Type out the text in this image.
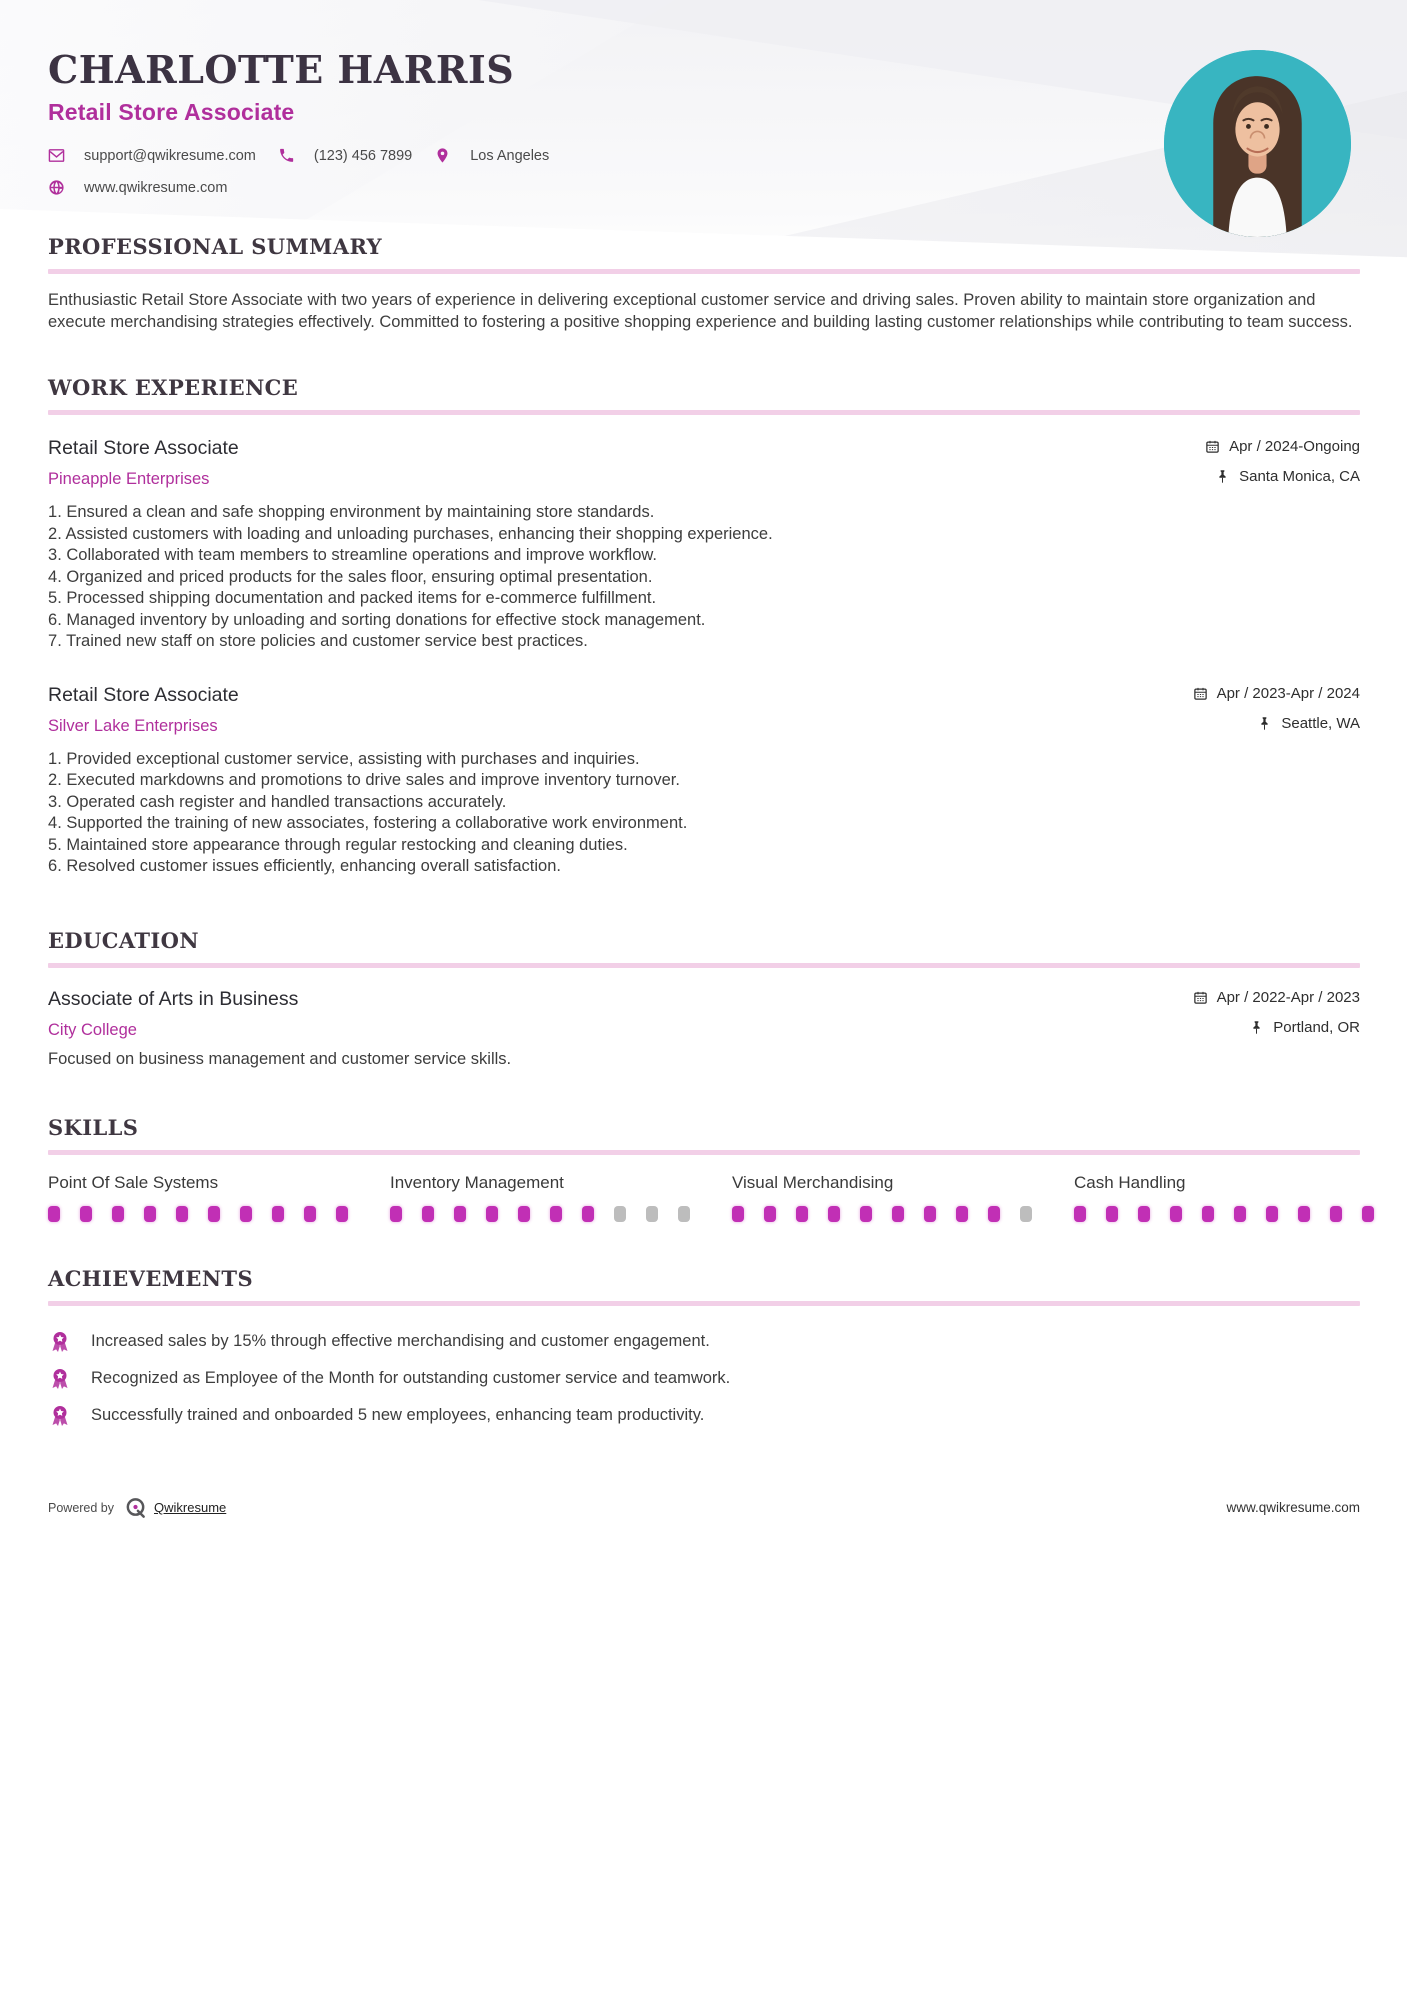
CHARLOTTE HARRIS
Retail Store Associate
support@qwikresume.com	(123) 456 7899	Los Angeles
www.qwikresume.com
PROFESSIONAL SUMMARY

Enthusiastic Retail Store Associate with two years of experience in delivering exceptional customer service and driving sales. Proven ability to maintain store organization and execute merchandising strategies effectively. Committed to fostering a positive shopping experience and building lasting customer relationships while contributing to team success.

WORK EXPERIENCE
Retail Store Associate	Apr / 2024-Ongoing
Pineapple Enterprises	Santa Monica, CA
Ensured a clean and safe shopping environment by maintaining store standards.
Assisted customers with loading and unloading purchases, enhancing their shopping experience.
Collaborated with team members to streamline operations and improve workflow.
Organized and priced products for the sales floor, ensuring optimal presentation.
Processed shipping documentation and packed items for e-commerce fulfillment.
Managed inventory by unloading and sorting donations for effective stock management.
Trained new staff on store policies and customer service best practices.
Retail Store Associate	Apr / 2023-Apr / 2024
Silver Lake Enterprises	Seattle, WA
Provided exceptional customer service, assisting with purchases and inquiries.
Executed markdowns and promotions to drive sales and improve inventory turnover.
Operated cash register and handled transactions accurately.
Supported the training of new associates, fostering a collaborative work environment.
Maintained store appearance through regular restocking and cleaning duties.
Resolved customer issues efficiently, enhancing overall satisfaction.
EDUCATION
Associate of Arts in Business	Apr / 2022-Apr / 2023
City College	Portland, OR
Focused on business management and customer service skills.
SKILLS
Point Of Sale Systems	Inventory Management	Visual Merchandising	Cash Handling
ACHIEVEMENTS
Increased sales by 15% through effective merchandising and customer engagement.
Recognized as Employee of the Month for outstanding customer service and teamwork.
Successfully trained and onboarded 5 new employees, enhancing team productivity.
Powered by	Qwikresume	www.qwikresume.com
